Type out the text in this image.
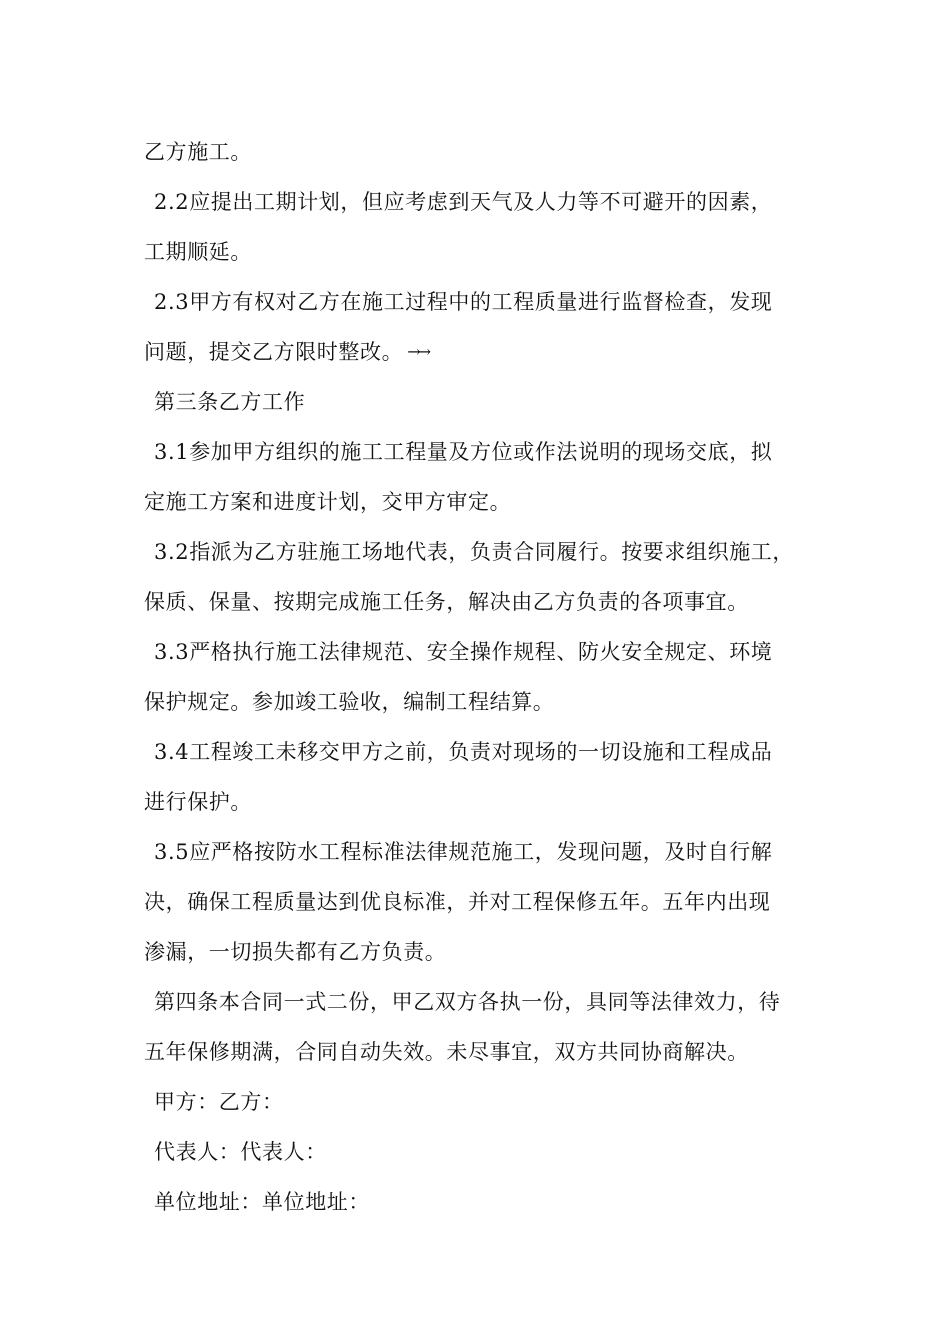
乙方施工。
2.2应提出工期计划，但应考虑到天气及人力等不可避开的因素，
工期顺延。
2.3甲方有权对乙方在施工过程中的工程质量进行监督检查，发现
问题，提交乙方限时整改。 →→
第三条乙方工作
3.1参加甲方组织的施工工程量及方位或作法说明的现场交底，拟
定施工方案和进度计划，交甲方审定。
3.2指派为乙方驻施工场地代表，负责合同履行。按要求组织施工，
保质、保量、按期完成施工任务，解决由乙方负责的各项事宜。
3.3严格执行施工法律规范、安全操作规程、防火安全规定、环境
保护规定。参加竣工验收，编制工程结算。
3.4工程竣工未移交甲方之前，负责对现场的一切设施和工程成品
进行保护。
3.5应严格按防水工程标准法律规范施工，发现问题，及时自行解
决，确保工程质量达到优良标准，并对工程保修五年。五年内出现
渗漏，一切损失都有乙方负责。
第四条本合同一式二份，甲乙双方各执一份，具同等法律效力，待
五年保修期满，合同自动失效。未尽事宜，双方共同协商解决。
甲方：乙方：
代表人：代表人：
单位地址：单位地址：
